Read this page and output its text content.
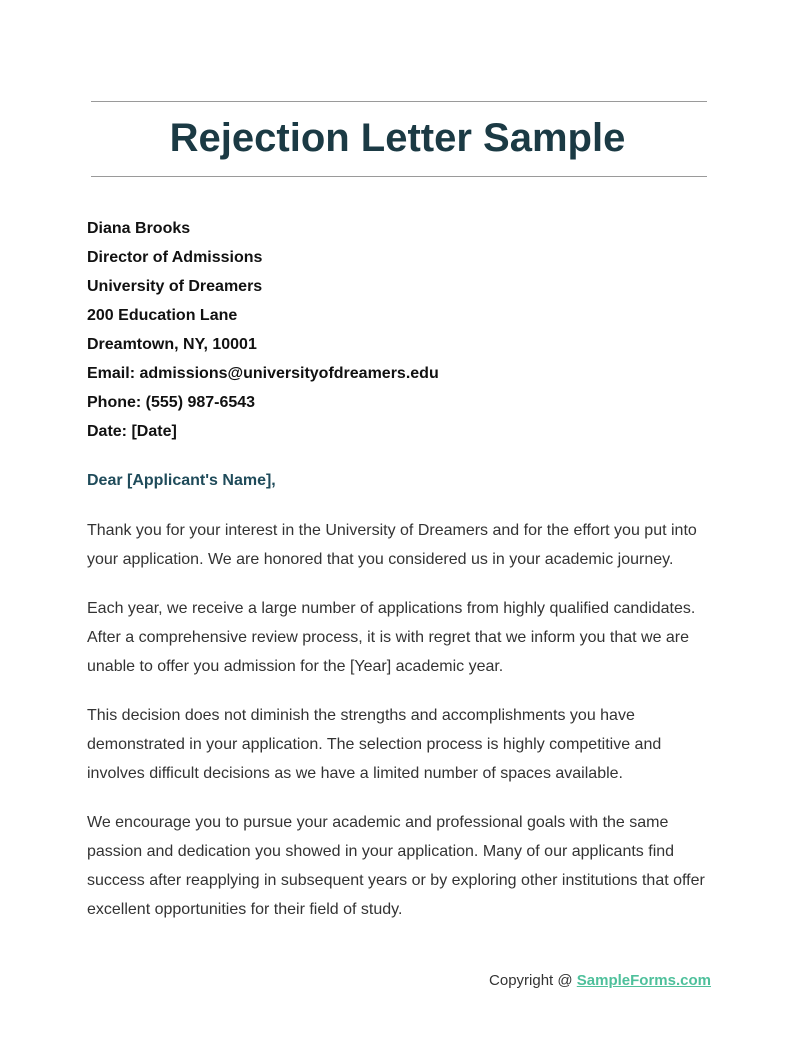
Rejection Letter Sample
Diana Brooks
Director of Admissions
University of Dreamers
200 Education Lane
Dreamtown, NY, 10001
Email: admissions@universityofdreamers.edu
Phone: (555) 987-6543
Date: [Date]
Dear [Applicant's Name],

Thank you for your interest in the University of Dreamers and for the effort you put into
your application. We are honored that you considered us in your academic journey.

Each year, we receive a large number of applications from highly qualified candidates.
After a comprehensive review process, it is with regret that we inform you that we are
unable to offer you admission for the [Year] academic year.

This decision does not diminish the strengths and accomplishments you have
demonstrated in your application. The selection process is highly competitive and
involves difficult decisions as we have a limited number of spaces available.

We encourage you to pursue your academic and professional goals with the same
passion and dedication you showed in your application. Many of our applicants find
success after reapplying in subsequent years or by exploring other institutions that offer
excellent opportunities for their field of study.

Copyright @ SampleForms.com
